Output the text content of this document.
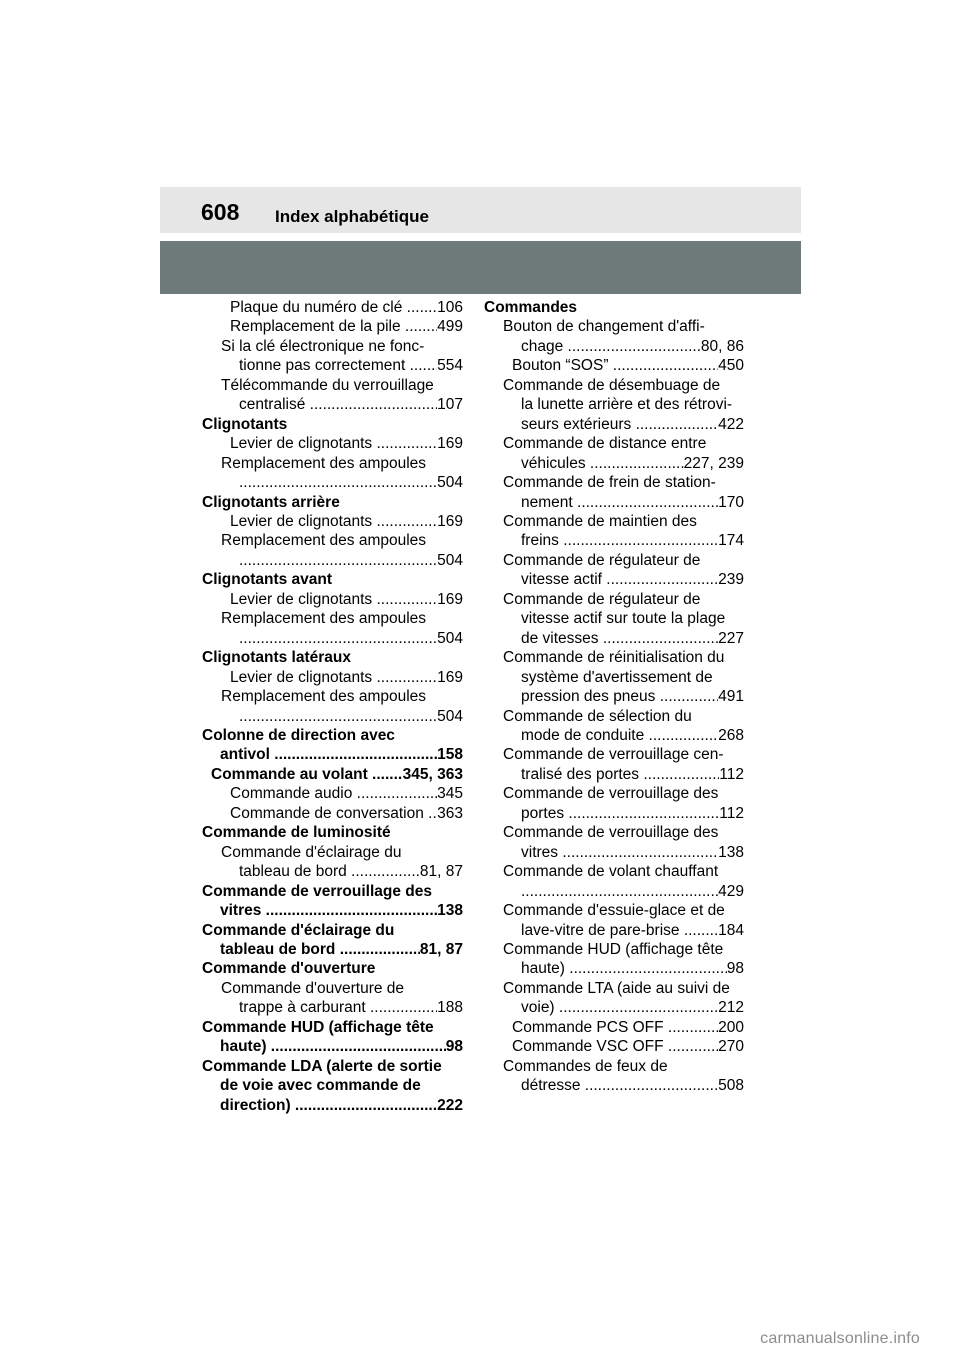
608 Index alphabétique
Plaque du numéro de clé .....	106
Remplacement de la pile .....	499
Si la clé électronique ne fonc-
tionne pas correctement .....	554
Télécommande du verrouillage
centralisé .....	107
Clignotants
Levier de clignotants .....	169
Remplacement des ampoules
.....
504
Clignotants arrière
Levier de clignotants .....	169
Remplacement des ampoules
.....
504
Clignotants avant
Levier de clignotants .....	169
Remplacement des ampoules
.....
504
Clignotants latéraux
Levier de clignotants .....	169
Remplacement des ampoules
.....
504
Colonne de direction avec
antivol .....	158
Commande au volant .....	345, 363
Commande audio .....	345
Commande de conversation ..... 363
Commande de luminosité
Commande d'éclairage du
tableau de bord .....	81, 87
Commande de verrouillage des
vitres .....	138
Commande d'éclairage du
tableau de bord .....	81, 87
Commande d'ouverture
Commande d'ouverture de
trappe à carburant .....	188
Commande HUD (affichage tête
haute) .....	98
Commande LDA (alerte de sortie
de voie avec commande de
direction) .....	222
Commandes
Bouton de changement d'affi-
chage .....	80, 86
Bouton “SOS” .....	450
Commande de désembuage de
la lunette arrière et des rétrovi-
seurs extérieurs .....	422
Commande de distance entre
véhicules .....	227, 239
Commande de frein de station-
nement .....	170
Commande de maintien des
freins .....	174
Commande de régulateur de
vitesse actif .....	239
Commande de régulateur de
vitesse actif sur toute la plage
de vitesses .....	227
Commande de réinitialisation du
système d'avertissement de
pression des pneus .....	491
Commande de sélection du
mode de conduite .....	268
Commande de verrouillage cen-
tralisé des portes .....	112
Commande de verrouillage des
portes .....	112
Commande de verrouillage des
vitres .....	138
Commande de volant chauffant
.....
429
Commande d'essuie-glace et de
lave-vitre de pare-brise .....	184
Commande HUD (affichage tête
haute) .....	98
Commande LTA (aide au suivi de
voie) .....	212
Commande PCS OFF .....	200
Commande VSC OFF .....	270
Commandes de feux de
détresse .....	508
carmanualsonline.info
